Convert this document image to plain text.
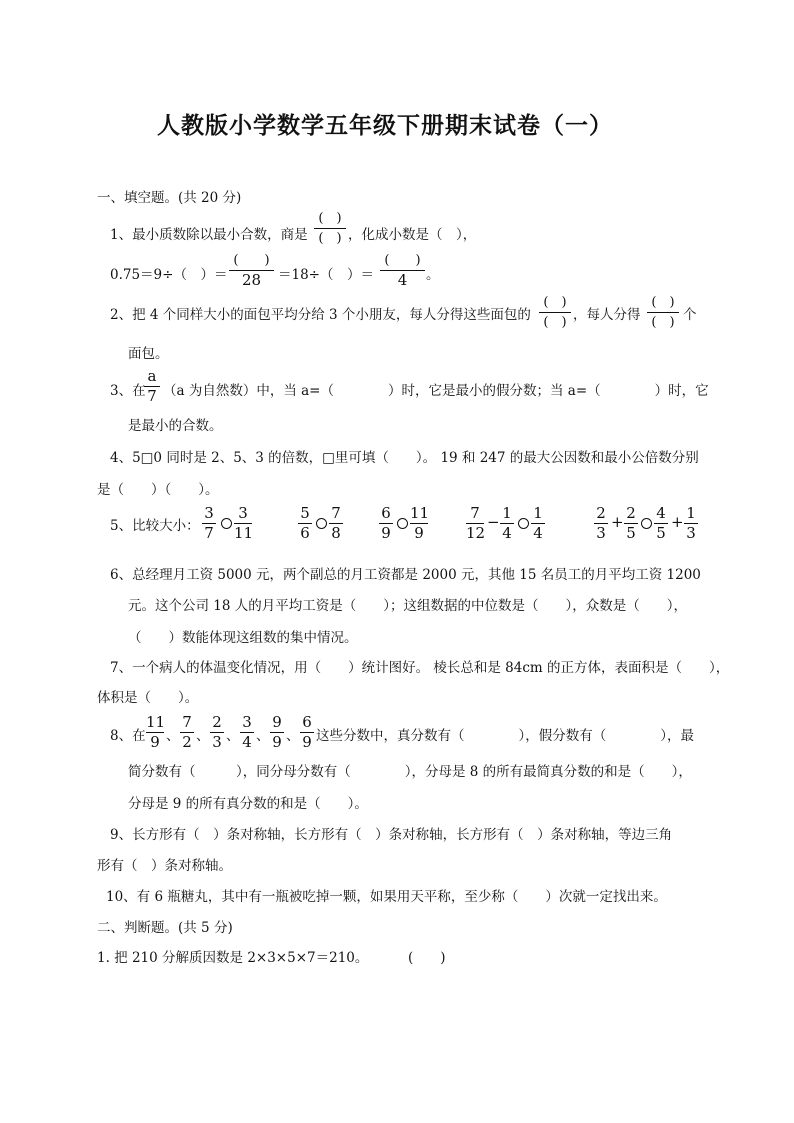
人教版小学数学五年级下册期末试卷（一）
一、填空题。(共 20 分)
1、最小质数除以最小合数，商是
(　)
(　) ，化成小数是（　），
0.75＝9÷（　）＝
(　　)
28	＝18÷（　）＝
(　　)
4	。
2、把 4 个同样大小的面包平均分给 3 个小朋友，每人分得这些面包的
(　)
(　) ，每人分得
(　)
(　) 个
面包。
3、在
a
7 （a 为自然数）中，当 a=（　　　　）时，它是最小的假分数；当 a=（　　　　）时，它
是最小的合数。
4、5□0 同时是 2、5、3 的倍数，□里可填（　　）。 19 和 247 的最大公因数和最小公倍数分别
是（　　）（　　）。
5、比较大小：
3
7
3
11
5
6
7
8
6
9
11
9
7
12
− 1
4
1
4
2
3
+ 2
5
4
5
+ 1
3
6、总经理月工资 5000 元，两个副总的月工资都是 2000 元，其他 15 名员工的月平均工资 1200
元。这个公司 18 人的月平均工资是（　　）；这组数据的中位数是（　　），众数是（　　），
（　　）数能体现这组数的集中情况。
7、一个病人的体温变化情况，用（　　）统计图好。 棱长总和是 84cm 的正方体，表面积是（　　），
体积是（　　）。
8、在
11
9 、
7
2 、
2
3 、
3
4 、
9
9 、
6
9 这些分数中，真分数有（　　　　），假分数有（　　　　），最
简分数有（　　　），同分母分数有（　　　　），分母是 8 的所有最简真分数的和是（　　），
分母是 9 的所有真分数的和是（　　）。
9、长方形有（　）条对称轴，长方形有（　）条对称轴，长方形有（　）条对称轴，等边三角
形有（　）条对称轴。
10、有 6 瓶糖丸，其中有一瓶被吃掉一颗，如果用天平称，至少称（　　）次就一定找出来。
二、判断题。(共 5 分)
1. 把 210 分解质因数是 2×3×5×7＝210。	(　　)
